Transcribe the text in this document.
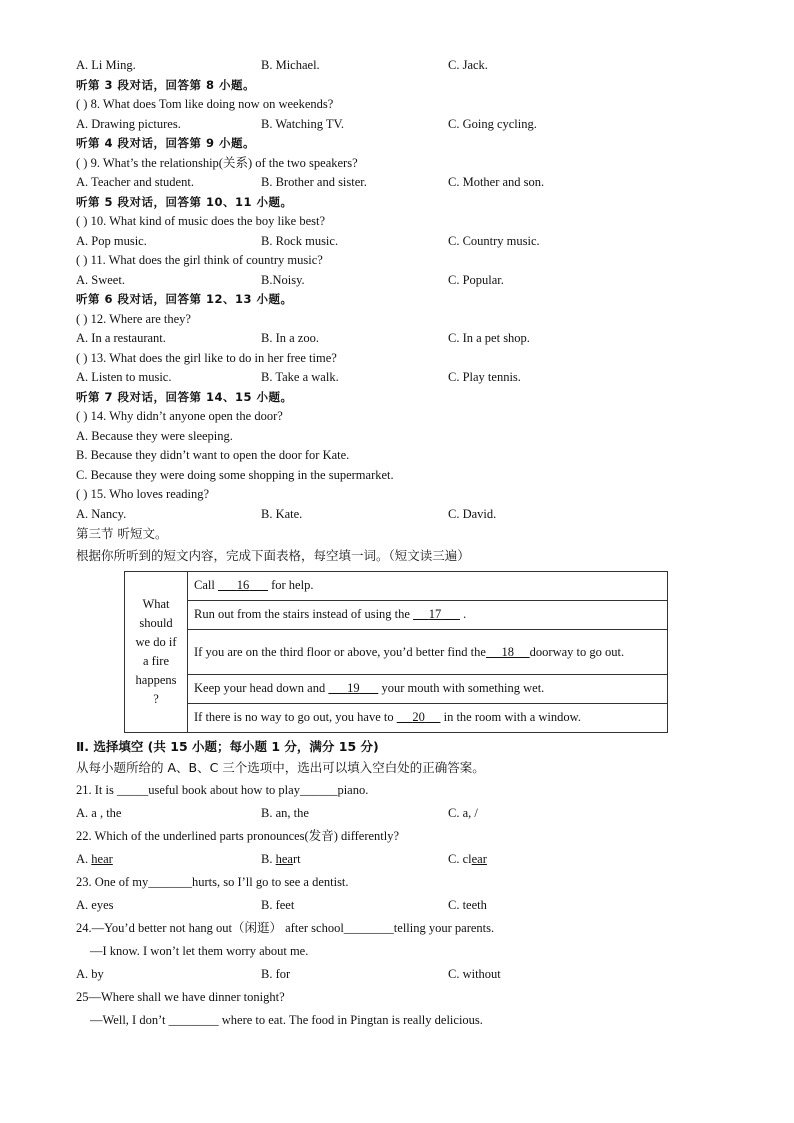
A. Li Ming.	B. Michael.	C. Jack.
听第 3 段对话，回答第 8 小题。
( ) 8. What does Tom like doing now on weekends?
A. Drawing pictures.	B. Watching TV.	C. Going cycling.
听第 4 段对话，回答第 9 小题。
( ) 9. What’s the relationship(关系) of the two speakers?
A. Teacher and student.	B. Brother and sister.	C. Mother and son.
听第 5 段对话，回答第 10、11 小题。
( ) 10. What kind of music does the boy like best?
A. Pop music.	B. Rock music.	C. Country music.
( ) 11. What does the girl think of country music?
A. Sweet.	B.Noisy.	C. Popular.
听第 6 段对话，回答第 12、13 小题。
( ) 12. Where are they?
A. In a restaurant.	B. In a zoo.	C. In a pet shop.
( ) 13. What does the girl like to do in her free time?
A. Listen to music.	B. Take a walk.	C. Play tennis.
听第 7 段对话，回答第 14、15 小题。
( ) 14. Why didn’t anyone open the door?
A. Because they were sleeping.
B. Because they didn’t want to open the door for Kate.
C. Because they were doing some shopping in the supermarket.
( ) 15. Who loves reading?
A. Nancy.	B. Kate.	C. David.
第三节 听短文。
根据你所听到的短文内容，完成下面表格，每空填一词。（短文读三遍）
What
should
we do if
a fire
happens
?
	Call       16       for help.
Run out from the stairs instead of using the      17       .
If you are on the third floor or above, you’d better find the 18 doorway to go out.
Keep your head down and       19       your mouth with something wet.
If there is no way to go out, you have to      20      in the room with a window.
Ⅱ. 选择填空 (共 15 小题；每小题 1 分，满分 15 分)
从每小题所给的 A、B、C 三个选项中，选出可以填入空白处的正确答案。
21. It is _____useful book about how to play______piano.
A. a , the	B. an, the	C. a, /
22. Which of the underlined parts pronounces(发音) differently?
A. hear	B. heart	C. clear
23. One of my_______hurts, so I’ll go to see a dentist.
A. eyes	B. feet	C. teeth
24.—You’d better not hang out（闲逛） after school________telling your parents.
—I know. I won’t let them worry about me.
A. by	B. for	C. without
25—Where shall we have dinner tonight?
—Well, I don’t ________ where to eat. The food in Pingtan is really delicious.
